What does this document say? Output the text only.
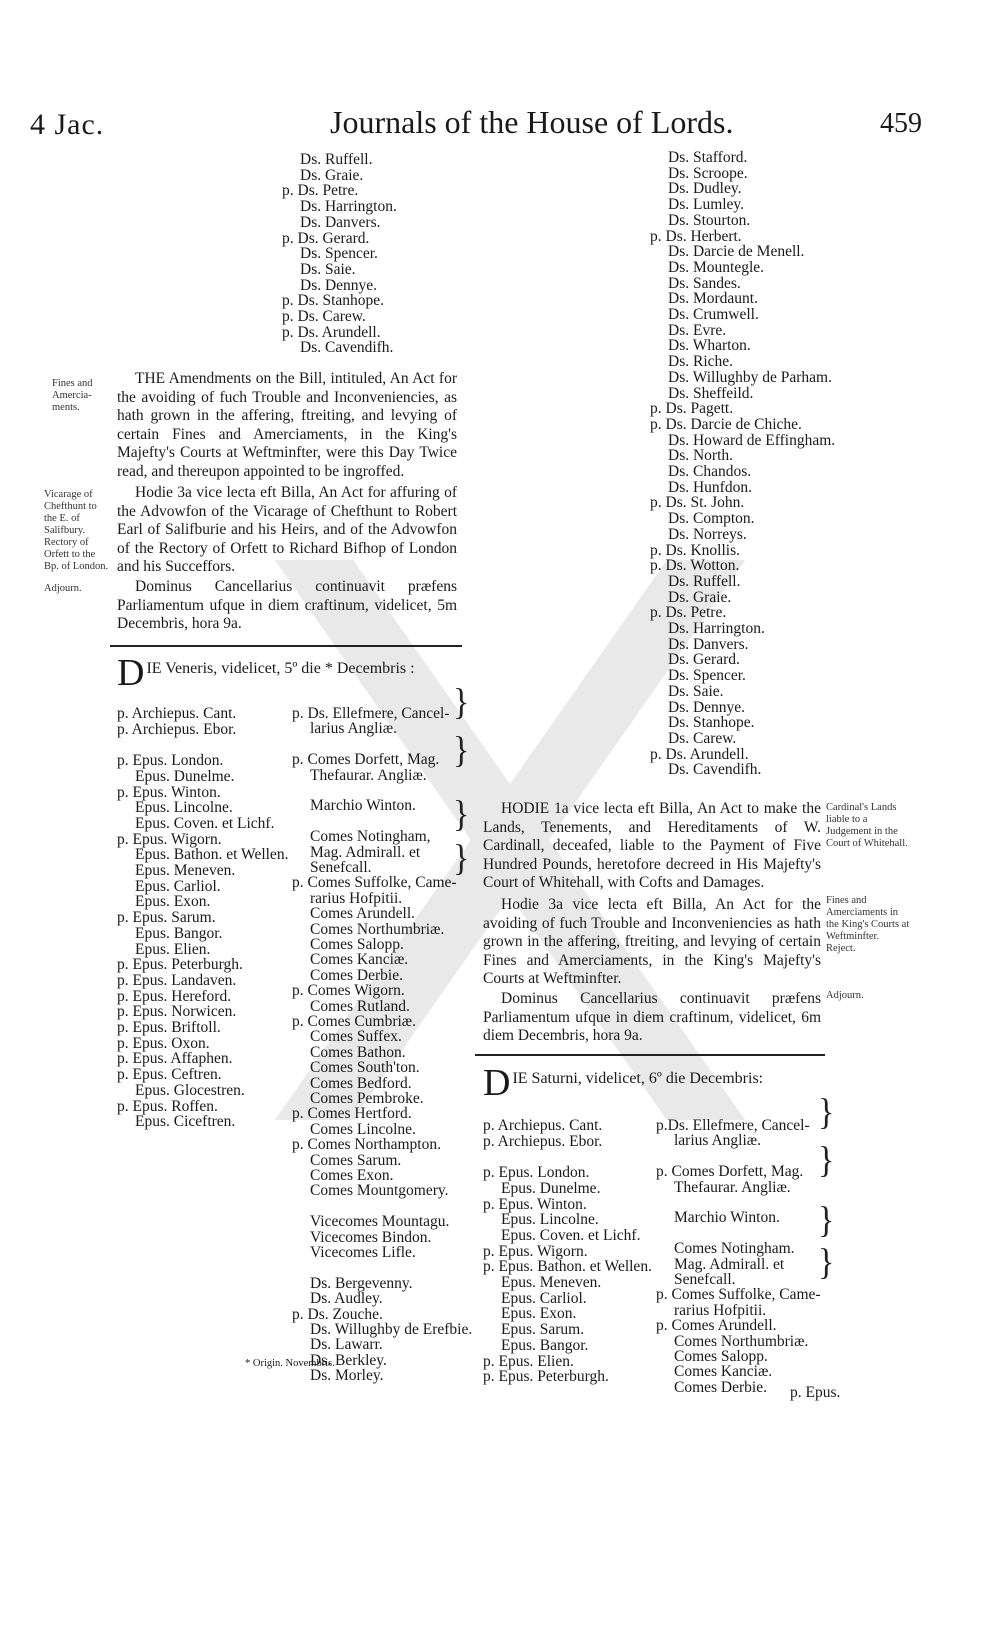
4 Jac.	Journals of the House of Lords.	459
Ds. Ruffell.
Ds. Graie.
p. Ds. Petre.
Ds. Harrington.
Ds. Danvers.
p. Ds. Gerard.
Ds. Spencer.
Ds. Saie.
Ds. Dennye.
p. Ds. Stanhope.
p. Ds. Carew.
p. Ds. Arundell.
Ds. Cavendifh.
Fines and Amercia-ments.
Vicarage of Chefthunt to the E. of Salifbury. Rectory of Orfett to the Bp. of London.
Adjourn.
THE Amendments on the Bill, intituled, An Act for the avoiding of fuch Trouble and Inconveniencies, as hath grown in the affering, ftreiting, and levying of certain Fines and Amerciaments, in the King's Majefty's Courts at Weftminfter, were this Day Twice read, and thereupon appointed to be ingroffed.
Hodie 3a vice lecta eft Billa, An Act for affuring of the Advowfon of the Vicarage of Chefthunt to Robert Earl of Salifburie and his Heirs, and of the Advowfon of the Rectory of Orfett to Richard Bifhop of London and his Succeffors.
Dominus Cancellarius continuavit præfens Parliamentum ufque in diem craftinum, videlicet, 5m Decembris, hora 9a.
DIE Veneris, videlicet, 5º die * Decembris :
p. Archiepus. Cant.
p. Archiepus. Ebor.
p. Epus. London.
Epus. Dunelme.
p. Epus. Winton.
Epus. Lincolne.
Epus. Coven. et Lichf.
p. Epus. Wigorn.
Epus. Bathon. et Wellen.
Epus. Meneven.
Epus. Carliol.
Epus. Exon.
p. Epus. Sarum.
Epus. Bangor.
Epus. Elien.
p. Epus. Peterburgh.
p. Epus. Landaven.
p. Epus. Hereford.
p. Epus. Norwicen.
p. Epus. Briftoll.
p. Epus. Oxon.
p. Epus. Affaphen.
p. Epus. Ceftren.
Epus. Glocestren.
p. Epus. Roffen.
Epus. Ciceftren.
p. Ds. Ellefmere, Cancel-
larius Angliæ.
p. Comes Dorfett, Mag.
Thefaurar. Angliæ.
Marchio Winton.
Comes Notingham,
Mag. Admirall. et
Senefcall.
p. Comes Suffolke, Came-
rarius Hofpitii.
Comes Arundell.
Comes Northumbriæ.
Comes Salopp.
Comes Kanciæ.
Comes Derbie.
p. Comes Wigorn.
Comes Rutland.
p. Comes Cumbriæ.
Comes Suffex.
Comes Bathon.
Comes South'ton.
Comes Bedford.
Comes Pembroke.
p. Comes Hertford.
Comes Lincolne.
p. Comes Northampton.
Comes Sarum.
Comes Exon.
Comes Mountgomery.
Vicecomes Mountagu.
Vicecomes Bindon.
Vicecomes Lifle.
Ds. Bergevenny.
Ds. Audley.
p. Ds. Zouche.
Ds. Willughby de Erefbie.
Ds. Lawarr.
Ds. Berkley.
Ds. Morley.
}
}
}
}
* Origin. Novembris.
Ds. Stafford.
Ds. Scroope.
Ds. Dudley.
Ds. Lumley.
Ds. Stourton.
p. Ds. Herbert.
Ds. Darcie de Menell.
Ds. Mountegle.
Ds. Sandes.
Ds. Mordaunt.
Ds. Crumwell.
Ds. Evre.
Ds. Wharton.
Ds. Riche.
Ds. Willughby de Parham.
Ds. Sheffeild.
p. Ds. Pagett.
p. Ds. Darcie de Chiche.
Ds. Howard de Effingham.
Ds. North.
Ds. Chandos.
Ds. Hunfdon.
p. Ds. St. John.
Ds. Compton.
Ds. Norreys.
p. Ds. Knollis.
p. Ds. Wotton.
Ds. Ruffell.
Ds. Graie.
p. Ds. Petre.
Ds. Harrington.
Ds. Danvers.
Ds. Gerard.
Ds. Spencer.
Ds. Saie.
Ds. Dennye.
Ds. Stanhope.
Ds. Carew.
p. Ds. Arundell.
Ds. Cavendifh.
Cardinal's Lands liable to a Judgement in the Court of Whitehall.
Fines and Amerciaments in the King's Courts at Weftminfter. Reject.
Adjourn.
HODIE 1a vice lecta eft Billa, An Act to make the Lands, Tenements, and Hereditaments of W. Cardinall, deceafed, liable to the Payment of Five Hundred Pounds, heretofore decreed in His Majefty's Court of Whitehall, with Cofts and Damages.
Hodie 3a vice lecta eft Billa, An Act for the avoiding of fuch Trouble and Inconveniencies as hath grown in the affering, ftreiting, and levying of certain Fines and Amerciaments, in the King's Majefty's Courts at Weftminfter.
Dominus Cancellarius continuavit præfens Parliamentum ufque in diem craftinum, videlicet, 6m diem Decembris, hora 9a.
DIE Saturni, videlicet, 6º die Decembris:
p. Archiepus. Cant.
p. Archiepus. Ebor.
p. Epus. London.
Epus. Dunelme.
p. Epus. Winton.
Epus. Lincolne.
Epus. Coven. et Lichf.
p. Epus. Wigorn.
p. Epus. Bathon. et Wellen.
Epus. Meneven.
Epus. Carliol.
Epus. Exon.
Epus. Sarum.
Epus. Bangor.
p. Epus. Elien.
p. Epus. Peterburgh.
p.Ds. Ellefmere, Cancel-
larius Angliæ.
p. Comes Dorfett, Mag.
Thefaurar. Angliæ.
Marchio Winton.
Comes Notingham.
Mag. Admirall. et
Senefcall.
p. Comes Suffolke, Came-
rarius Hofpitii.
p. Comes Arundell.
Comes Northumbriæ.
Comes Salopp.
Comes Kanciæ.
Comes Derbie.
}
}
}
}
p. Epus.
